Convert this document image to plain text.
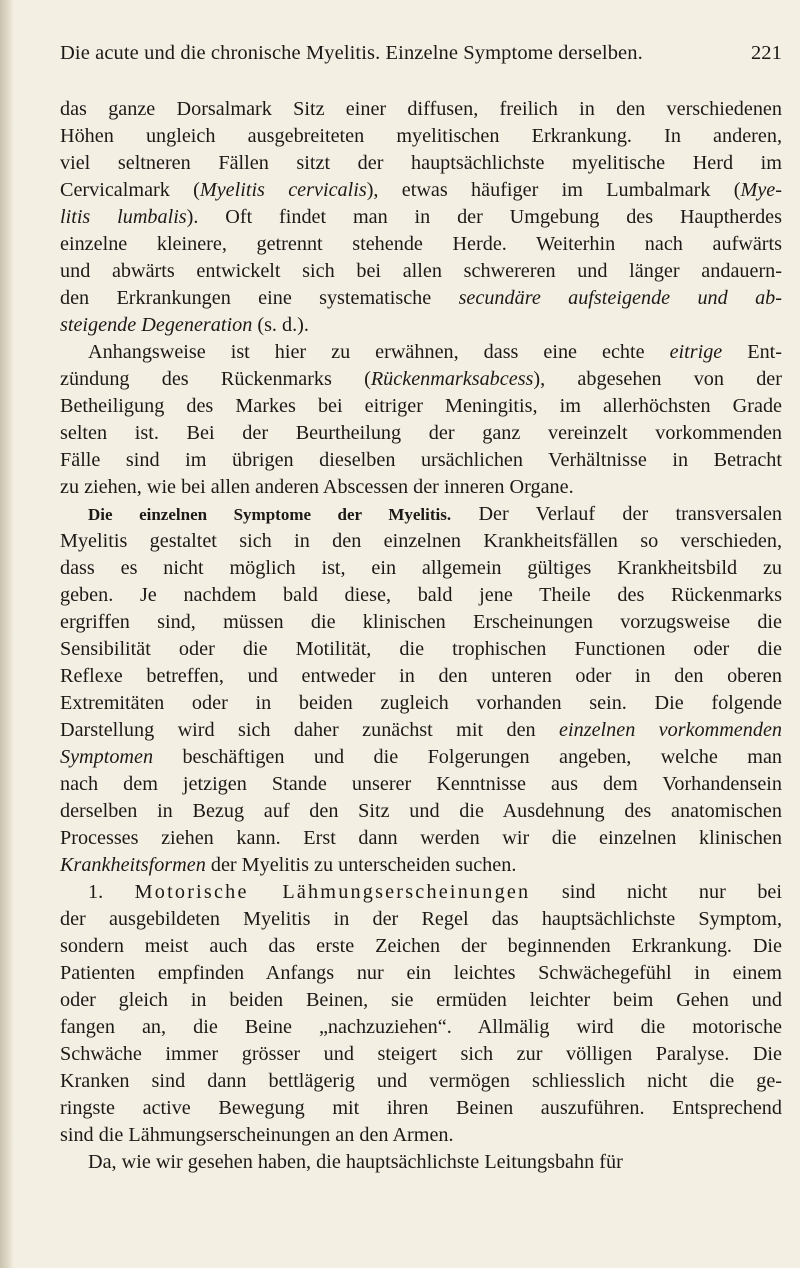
Die acute und die chronische Myelitis. Einzelne Symptome derselben.	221
das ganze Dorsalmark Sitz einer diffusen, freilich in den verschiedenen
Höhen ungleich ausgebreiteten myelitischen Erkrankung. In anderen,
viel seltneren Fällen sitzt der hauptsächlichste myelitische Herd im
Cervicalmark (Myelitis cervicalis), etwas häufiger im Lumbalmark (Mye-
litis lumbalis). Oft findet man in der Umgebung des Hauptherdes
einzelne kleinere, getrennt stehende Herde. Weiterhin nach aufwärts
und abwärts entwickelt sich bei allen schwereren und länger andauern-
den Erkrankungen eine systematische secundäre aufsteigende und ab-
steigende Degeneration (s. d.).
Anhangsweise ist hier zu erwähnen, dass eine echte eitrige Ent-
zündung des Rückenmarks (Rückenmarksabcess), abgesehen von der
Betheiligung des Markes bei eitriger Meningitis, im allerhöchsten Grade
selten ist. Bei der Beurtheilung der ganz vereinzelt vorkommenden
Fälle sind im übrigen dieselben ursächlichen Verhältnisse in Betracht
zu ziehen, wie bei allen anderen Abscessen der inneren Organe.
Die einzelnen Symptome der Myelitis. Der Verlauf der transversalen
Myelitis gestaltet sich in den einzelnen Krankheitsfällen so verschieden,
dass es nicht möglich ist, ein allgemein gültiges Krankheitsbild zu
geben. Je nachdem bald diese, bald jene Theile des Rückenmarks
ergriffen sind, müssen die klinischen Erscheinungen vorzugsweise die
Sensibilität oder die Motilität, die trophischen Functionen oder die
Reflexe betreffen, und entweder in den unteren oder in den oberen
Extremitäten oder in beiden zugleich vorhanden sein. Die folgende
Darstellung wird sich daher zunächst mit den einzelnen vorkommenden
Symptomen beschäftigen und die Folgerungen angeben, welche man
nach dem jetzigen Stande unserer Kenntnisse aus dem Vorhandensein
derselben in Bezug auf den Sitz und die Ausdehnung des anatomischen
Processes ziehen kann. Erst dann werden wir die einzelnen klinischen
Krankheitsformen der Myelitis zu unterscheiden suchen.
1. Motorische Lähmungserscheinungen sind nicht nur bei
der ausgebildeten Myelitis in der Regel das hauptsächlichste Symptom,
sondern meist auch das erste Zeichen der beginnenden Erkrankung. Die
Patienten empfinden Anfangs nur ein leichtes Schwächegefühl in einem
oder gleich in beiden Beinen, sie ermüden leichter beim Gehen und
fangen an, die Beine „nachzuziehen“. Allmälig wird die motorische
Schwäche immer grösser und steigert sich zur völligen Paralyse. Die
Kranken sind dann bettlägerig und vermögen schliesslich nicht die ge-
ringste active Bewegung mit ihren Beinen auszuführen. Entsprechend
sind die Lähmungserscheinungen an den Armen.
Da, wie wir gesehen haben, die hauptsächlichste Leitungsbahn für
